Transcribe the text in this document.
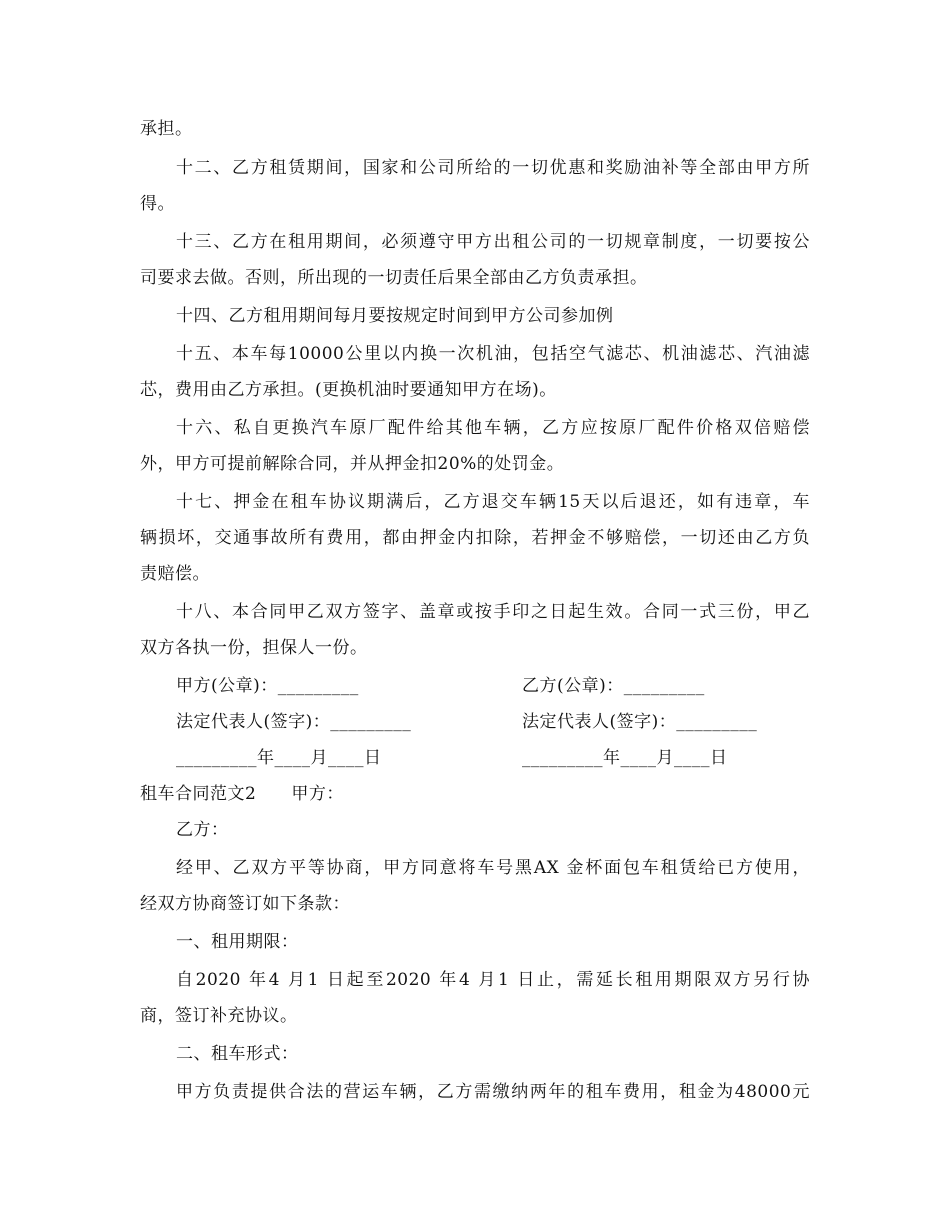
承担。
十二、乙方租赁期间，国家和公司所给的一切优惠和奖励油补等全部由甲方所
得。
十三、乙方在租用期间，必须遵守甲方出租公司的一切规章制度，一切要按公
司要求去做。否则，所出现的一切责任后果全部由乙方负责承担。
十四、乙方租用期间每月要按规定时间到甲方公司参加例
十五、本车每10000公里以内换一次机油，包括空气滤芯、机油滤芯、汽油滤
芯，费用由乙方承担。(更换机油时要通知甲方在场)。
十六、私自更换汽车原厂配件给其他车辆，乙方应按原厂配件价格双倍赔偿
外，甲方可提前解除合同，并从押金扣20%的处罚金。
十七、押金在租车协议期满后，乙方退交车辆15天以后退还，如有违章，车
辆损坏，交通事故所有费用，都由押金内扣除，若押金不够赔偿，一切还由乙方负
责赔偿。
十八、本合同甲乙双方签字、盖章或按手印之日起生效。合同一式三份，甲乙
双方各执一份，担保人一份。
甲方(公章)：_________	乙方(公章)：_________
法定代表人(签字)：_________	法定代表人(签字)：_________
_________年____月____日	_________年____月____日
租车合同范文2　　甲方：
乙方：
经甲、乙双方平等协商，甲方同意将车号黑AX 金杯面包车租赁给已方使用，
经双方协商签订如下条款：
一、租用期限：
自2020 年4 月1 日起至2020 年4 月1 日止，需延长租用期限双方另行协
商，签订补充协议。
二、租车形式：
甲方负责提供合法的营运车辆，乙方需缴纳两年的租车费用，租金为48000元
